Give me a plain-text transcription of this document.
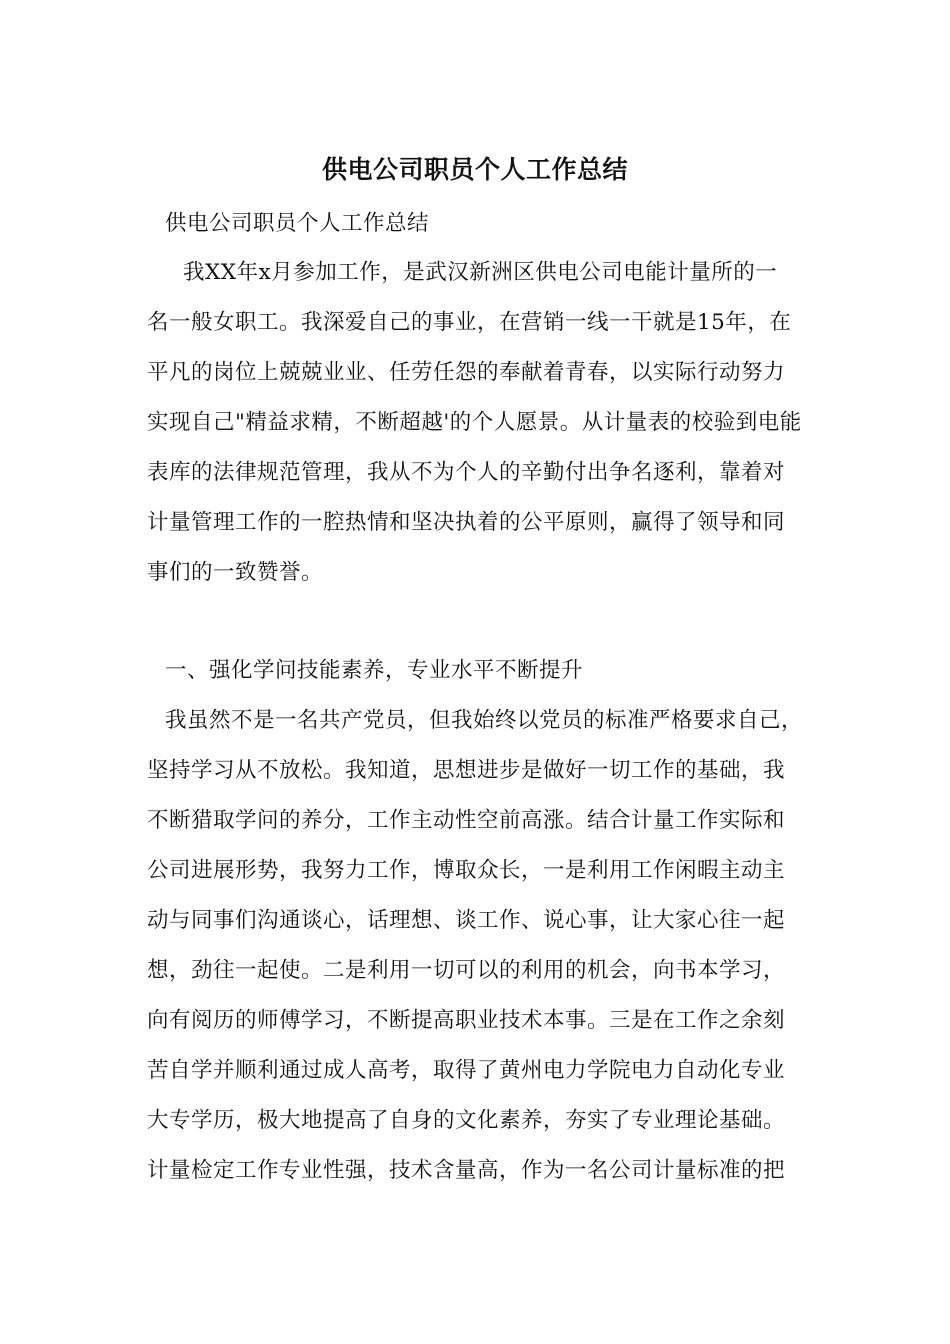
供电公司职员个人工作总结
供电公司职员个人工作总结
我XX年x月参加工作，是武汉新洲区供电公司电能计量所的一
名一般女职工。我深爱自己的事业，在营销一线一干就是15年，在
平凡的岗位上兢兢业业、任劳任怨的奉献着青春，以实际行动努力
实现自己"精益求精，不断超越'的个人愿景。从计量表的校验到电能
表库的法律规范管理，我从不为个人的辛勤付出争名逐利，靠着对
计量管理工作的一腔热情和坚决执着的公平原则，赢得了领导和同
事们的一致赞誉。
一、强化学问技能素养，专业水平不断提升
我虽然不是一名共产党员，但我始终以党员的标准严格要求自己，
坚持学习从不放松。我知道，思想进步是做好一切工作的基础，我
不断猎取学问的养分，工作主动性空前高涨。结合计量工作实际和
公司进展形势，我努力工作，博取众长，一是利用工作闲暇主动主
动与同事们沟通谈心，话理想、谈工作、说心事，让大家心往一起
想，劲往一起使。二是利用一切可以的利用的机会，向书本学习，
向有阅历的师傅学习，不断提高职业技术本事。三是在工作之余刻
苦自学并顺利通过成人高考，取得了黄州电力学院电力自动化专业
大专学历，极大地提高了自身的文化素养，夯实了专业理论基础。
计量检定工作专业性强，技术含量高，作为一名公司计量标准的把
